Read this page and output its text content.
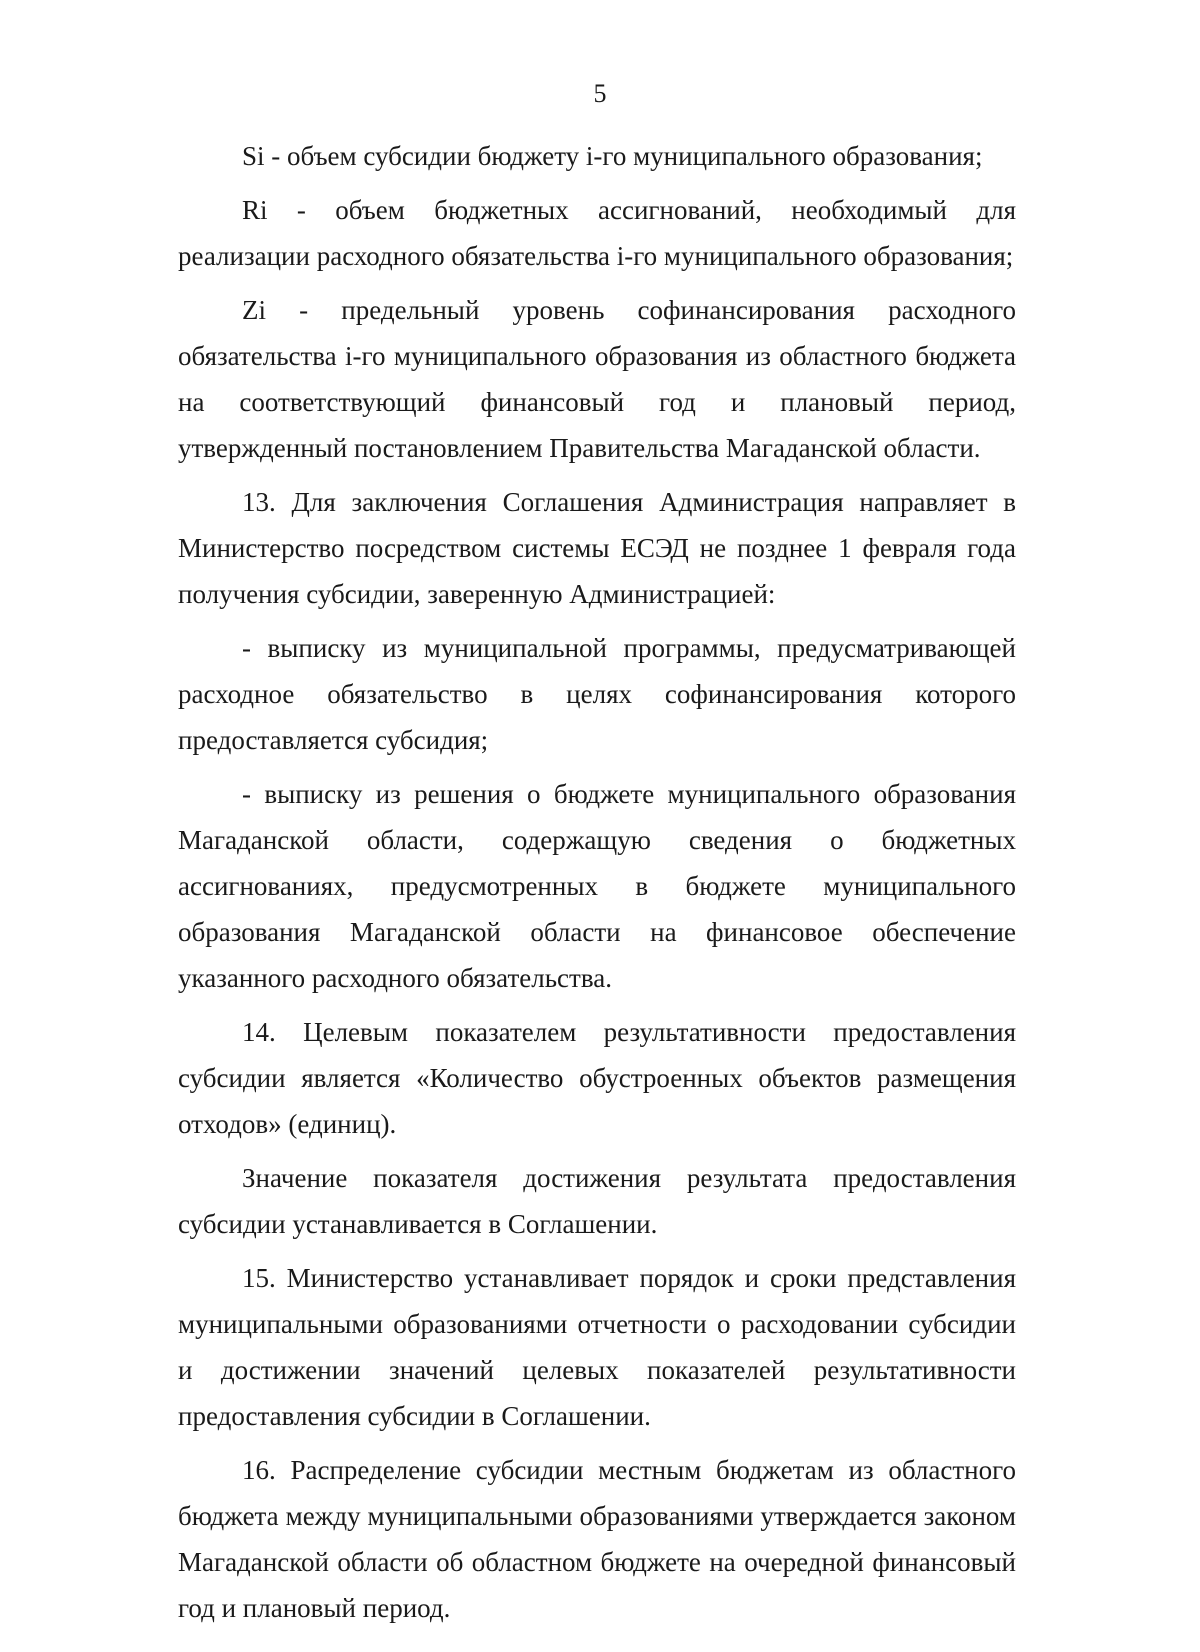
5

Si - объем субсидии бюджету i-го муниципального образования;

Ri - объем бюджетных ассигнований, необходимый для реализации расходного обязательства i-го муниципального образования;

Zi - предельный уровень софинансирования расходного обязательства i-го муниципального образования из областного бюджета на соответствующий финансовый год и плановый период, утвержденный постановлением Правительства Магаданской области.

13. Для заключения Соглашения Администрация направляет в Министерство посредством системы ЕСЭД не позднее 1 февраля года получения субсидии, заверенную Администрацией:

- выписку из муниципальной программы, предусматривающей расходное обязательство в целях софинансирования которого предоставляется субсидия;

- выписку из решения о бюджете муниципального образования Магаданской области, содержащую сведения о бюджетных ассигнованиях, предусмотренных в бюджете муниципального образования Магаданской области на финансовое обеспечение указанного расходного обязательства.

14. Целевым показателем результативности предоставления субсидии является «Количество обустроенных объектов размещения отходов» (единиц).

Значение показателя достижения результата предоставления субсидии устанавливается в Соглашении.

15. Министерство устанавливает порядок и сроки представления муниципальными образованиями отчетности о расходовании субсидии и достижении значений целевых показателей результативности предоставления субсидии в Соглашении.

16. Распределение субсидии местным бюджетам из областного бюджета между муниципальными образованиями утверждается законом Магаданской области об областном бюджете на очередной финансовый год и плановый период.
